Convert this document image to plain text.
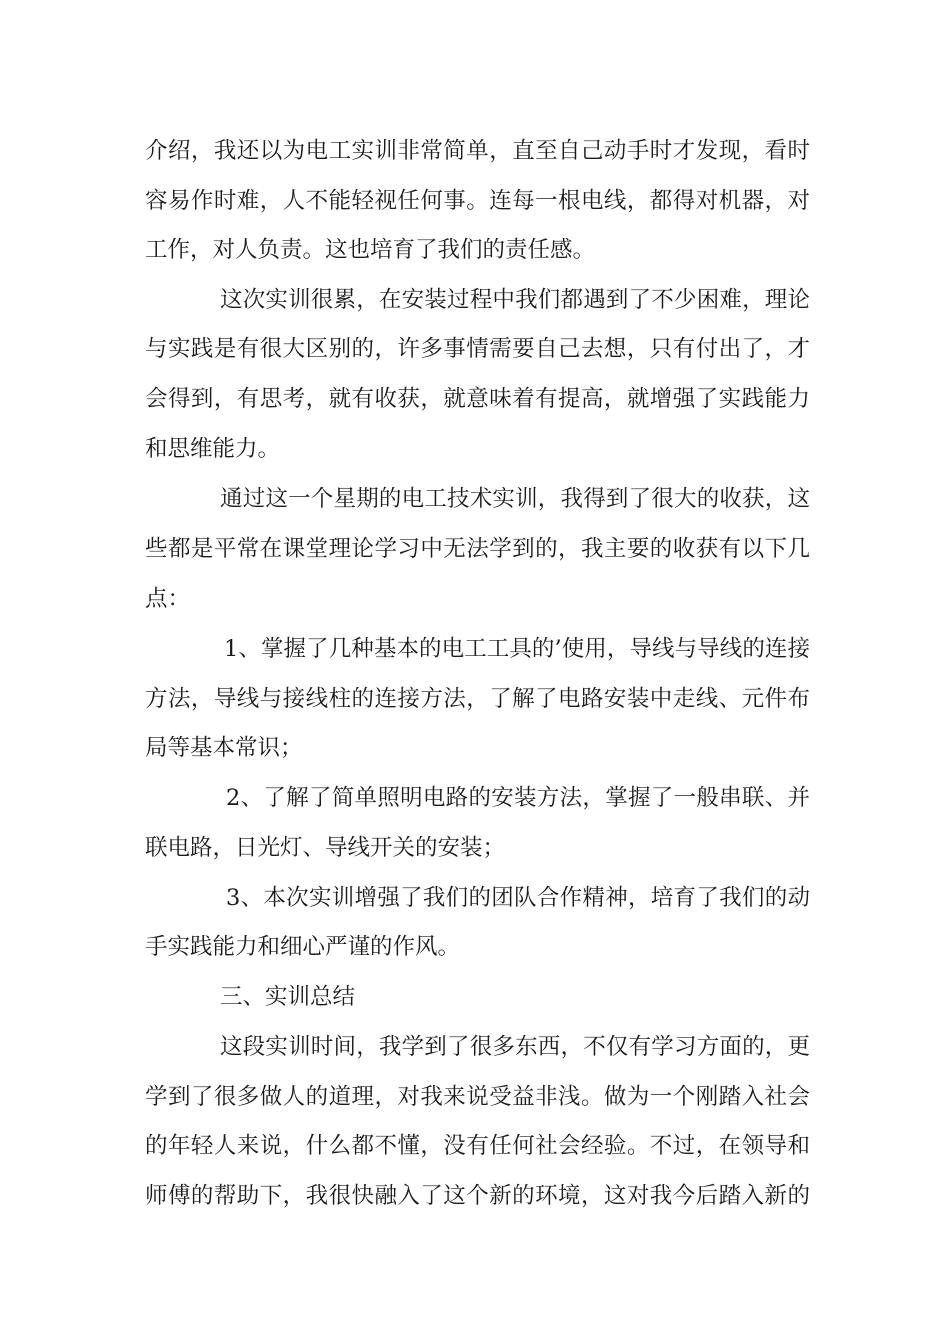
介绍，我还以为电工实训非常简单，直至自己动手时才发现，看时
容易作时难，人不能轻视任何事。连每一根电线，都得对机器，对
工作，对人负责。这也培育了我们的责任感。
这次实训很累，在安装过程中我们都遇到了不少困难，理论
与实践是有很大区别的，许多事情需要自己去想，只有付出了，才
会得到，有思考，就有收获，就意味着有提高，就增强了实践能力
和思维能力。
通过这一个星期的电工技术实训，我得到了很大的收获，这
些都是平常在课堂理论学习中无法学到的，我主要的收获有以下几
点：
1、掌握了几种基本的电工工具的’使用，导线与导线的连接
方法，导线与接线柱的连接方法，了解了电路安装中走线、元件布
局等基本常识；
2、了解了简单照明电路的安装方法，掌握了一般串联、并
联电路，日光灯、导线开关的安装；
3、本次实训增强了我们的团队合作精神，培育了我们的动
手实践能力和细心严谨的作风。
三、实训总结
这段实训时间，我学到了很多东西，不仅有学习方面的，更
学到了很多做人的道理，对我来说受益非浅。做为一个刚踏入社会
的年轻人来说，什么都不懂，没有任何社会经验。不过，在领导和
师傅的帮助下，我很快融入了这个新的环境，这对我今后踏入新的
